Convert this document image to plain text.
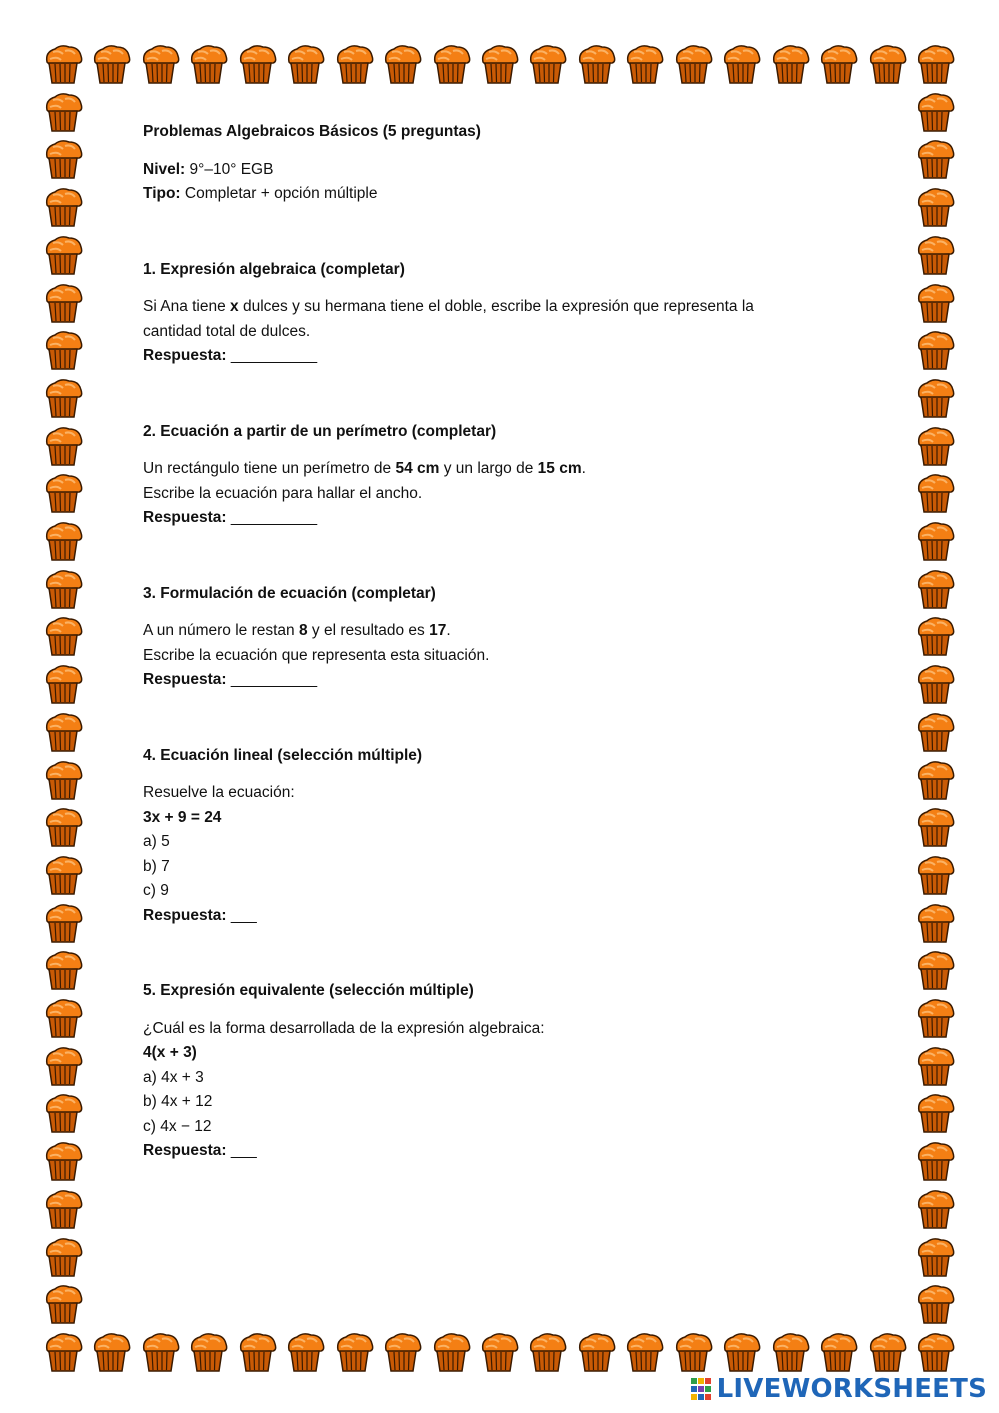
Problemas Algebraicos Básicos (5 preguntas)

Nivel: 9°–10° EGB

Tipo: Completar + opción múltiple

1. Expresión algebraica (completar)

Si Ana tiene x dulces y su hermana tiene el doble, escribe la expresión que representa la

cantidad total de dulces.

Respuesta: __________

2. Ecuación a partir de un perímetro (completar)

Un rectángulo tiene un perímetro de 54 cm y un largo de 15 cm.

Escribe la ecuación para hallar el ancho.

Respuesta: __________

3. Formulación de ecuación (completar)

A un número le restan 8 y el resultado es 17.

Escribe la ecuación que representa esta situación.

Respuesta: __________

4. Ecuación lineal (selección múltiple)

Resuelve la ecuación:

3x + 9 = 24

a) 5

b) 7

c) 9

Respuesta: ___

5. Expresión equivalente (selección múltiple)

¿Cuál es la forma desarrollada de la expresión algebraica:

4(x + 3)

a) 4x + 3

b) 4x + 12

c) 4x − 12

Respuesta: ___

LIVEWORKSHEETS
